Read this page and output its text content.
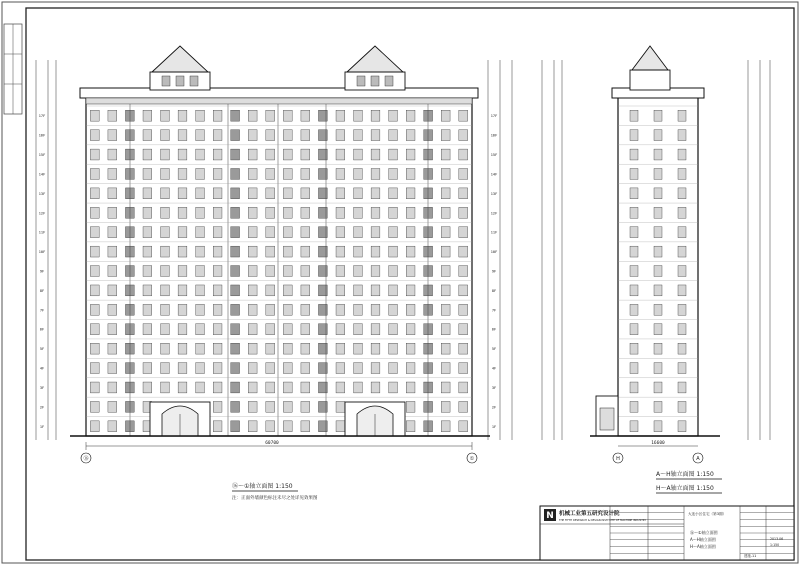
17F	17F
16F	16F
15F	15F
14F	14F
13F	13F
12F	12F
11F	11F
10F	10F
9F	9F
8F	8F
7F	7F
6F	6F
5F	5F
4F	4F
3F	3F
2F	2F
1F	1F
60700
⑯	①
⑯～①轴立面图 1:150
注：正面外墙颜色标注未尽之处详见效果图
16600
H	A
A～H轴立面图 1:150
H～A轴立面图 1:150
N 机械工业第五研究设计院
THE FIFTH RESEARCH & DESIGN INSTITUTE OF MACHINE INDUSTRY
大连小区住宅（第3期）
⑯～①轴立面图
A～H轴立面图
H～A轴立面图
建施-11
2013.06
1:150
